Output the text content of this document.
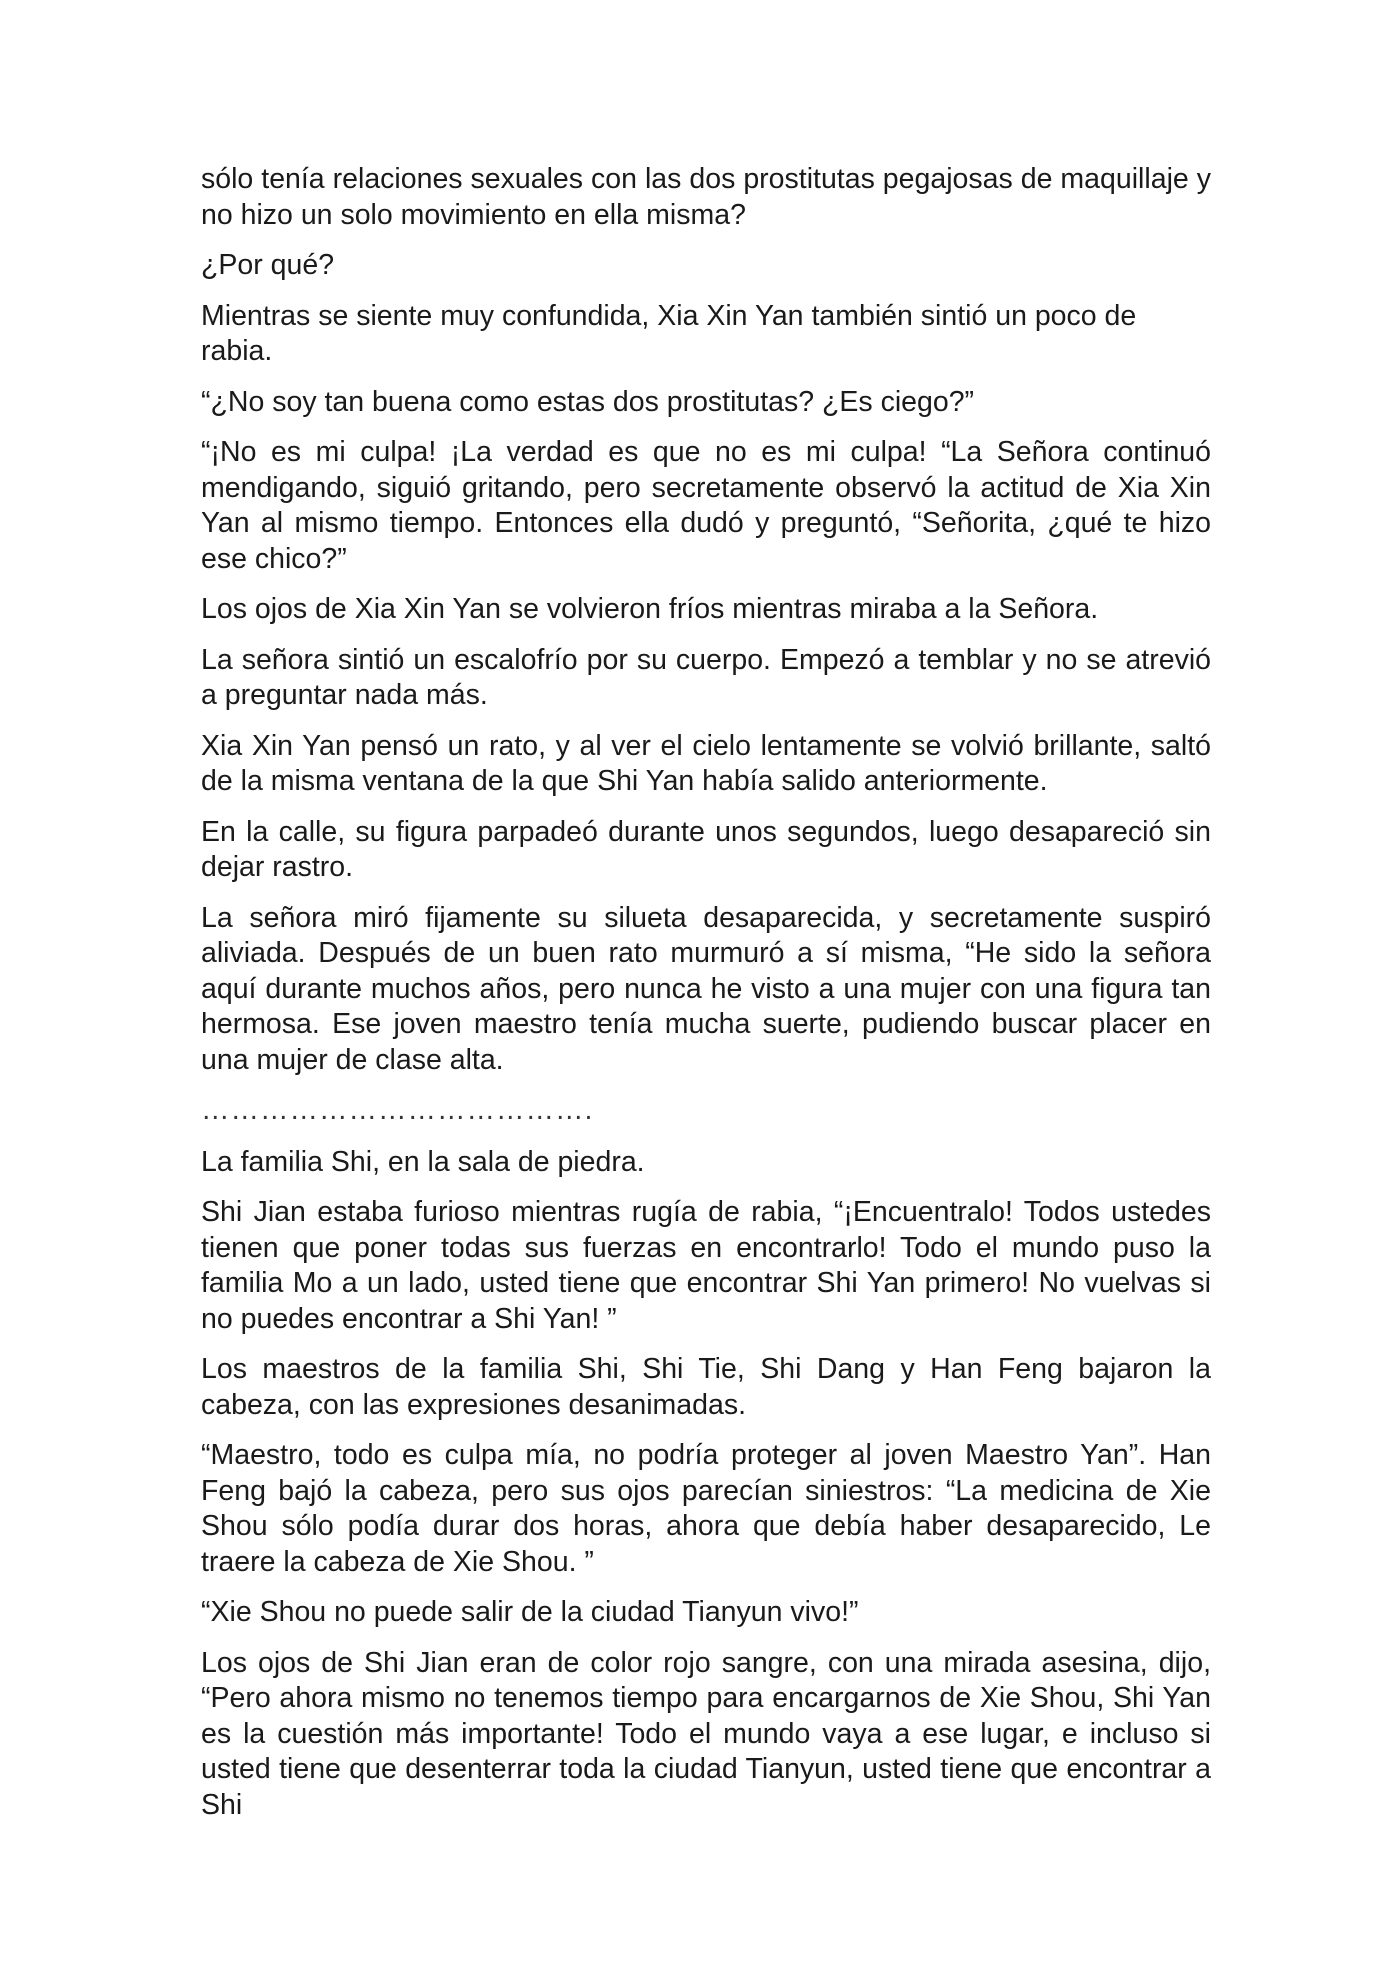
sólo tenía relaciones sexuales con las dos prostitutas pegajosas de maquillaje y no hizo un solo movimiento en ella misma?

¿Por qué?

Mientras se siente muy confundida, Xia Xin Yan también sintió un poco de rabia.

“¿No soy tan buena como estas dos prostitutas? ¿Es ciego?”

“¡No es mi culpa! ¡La verdad es que no es mi culpa! “La Señora continuó mendigando, siguió gritando, pero secretamente observó la actitud de Xia Xin Yan al mismo tiempo. Entonces ella dudó y preguntó, “Señorita, ¿qué te hizo ese chico?”

Los ojos de Xia Xin Yan se volvieron fríos mientras miraba a la Señora.

La señora sintió un escalofrío por su cuerpo. Empezó a temblar y no se atrevió a preguntar nada más.

Xia Xin Yan pensó un rato, y al ver el cielo lentamente se volvió brillante, saltó de la misma ventana de la que Shi Yan había salido anteriormente.

En la calle, su figura parpadeó durante unos segundos, luego desapareció sin dejar rastro.

La señora miró fijamente su silueta desaparecida, y secretamente suspiró aliviada. Después de un buen rato murmuró a sí misma, “He sido la señora aquí durante muchos años, pero nunca he visto a una mujer con una figura tan hermosa. Ese joven maestro tenía mucha suerte, pudiendo buscar placer en una mujer de clase alta.

………………………………….

La familia Shi, en la sala de piedra.

Shi Jian estaba furioso mientras rugía de rabia, “¡Encuentralo! Todos ustedes tienen que poner todas sus fuerzas en encontrarlo! Todo el mundo puso la familia Mo a un lado, usted tiene que encontrar Shi Yan primero! No vuelvas si no puedes encontrar a Shi Yan! ”

Los maestros de la familia Shi, Shi Tie, Shi Dang y Han Feng bajaron la cabeza, con las expresiones desanimadas.

“Maestro, todo es culpa mía, no podría proteger al joven Maestro Yan”. Han Feng bajó la cabeza, pero sus ojos parecían siniestros: “La medicina de Xie Shou sólo podía durar dos horas, ahora que debía haber desaparecido, Le traere la cabeza de Xie Shou. ”

“Xie Shou no puede salir de la ciudad Tianyun vivo!”

Los ojos de Shi Jian eran de color rojo sangre, con una mirada asesina, dijo, “Pero ahora mismo no tenemos tiempo para encargarnos de Xie Shou, Shi Yan es la cuestión más importante! Todo el mundo vaya a ese lugar, e incluso si usted tiene que desenterrar toda la ciudad Tianyun, usted tiene que encontrar a Shi
